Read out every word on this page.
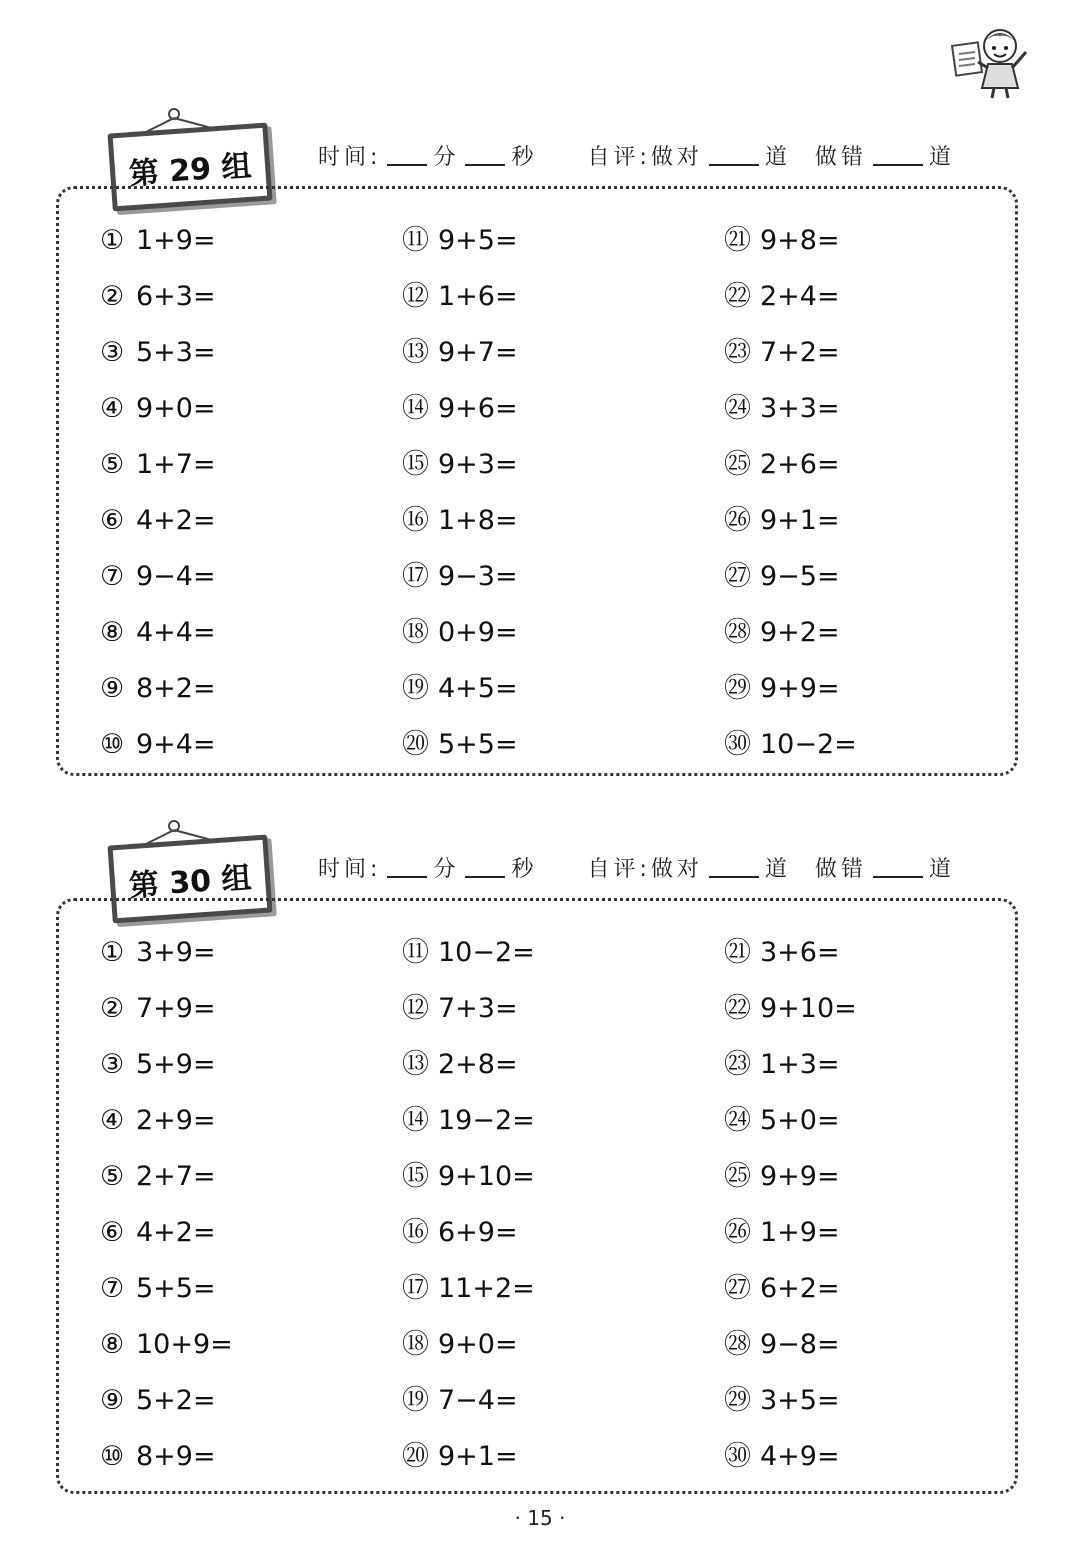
第 29 组	时间: 分 秒 自评:做对	道 做错	道
① 1+9=
② 6+3=
③ 5+3=
④ 9+0=
⑤ 1+7=
⑥ 4+2=
⑦ 9−4=
⑧ 4+4=
⑨ 8+2=
⑩ 9+4=
⑪ 9+5=
⑫ 1+6=
⑬ 9+7=
⑭ 9+6=
⑮ 9+3=
⑯ 1+8=
⑰ 9−3=
⑱ 0+9=
⑲ 4+5=
⑳ 5+5=
㉑ 9+8=
㉒ 2+4=
㉓ 7+2=
㉔ 3+3=
㉕ 2+6=
㉖ 9+1=
㉗ 9−5=
㉘ 9+2=
㉙ 9+9=
㉚ 10−2=
第 30 组	时间: 分 秒 自评:做对	道 做错	道
① 3+9=
② 7+9=
③ 5+9=
④ 2+9=
⑤ 2+7=
⑥ 4+2=
⑦ 5+5=
⑧ 10+9=
⑨ 5+2=
⑩ 8+9=
⑪ 10−2=
⑫ 7+3=
⑬ 2+8=
⑭ 19−2=
⑮ 9+10=
⑯ 6+9=
⑰ 11+2=
⑱ 9+0=
⑲ 7−4=
⑳ 9+1=
㉑ 3+6=
㉒ 9+10=
㉓ 1+3=
㉔ 5+0=
㉕ 9+9=
㉖ 1+9=
㉗ 6+2=
㉘ 9−8=
㉙ 3+5=
㉚ 4+9=
· 15 ·
